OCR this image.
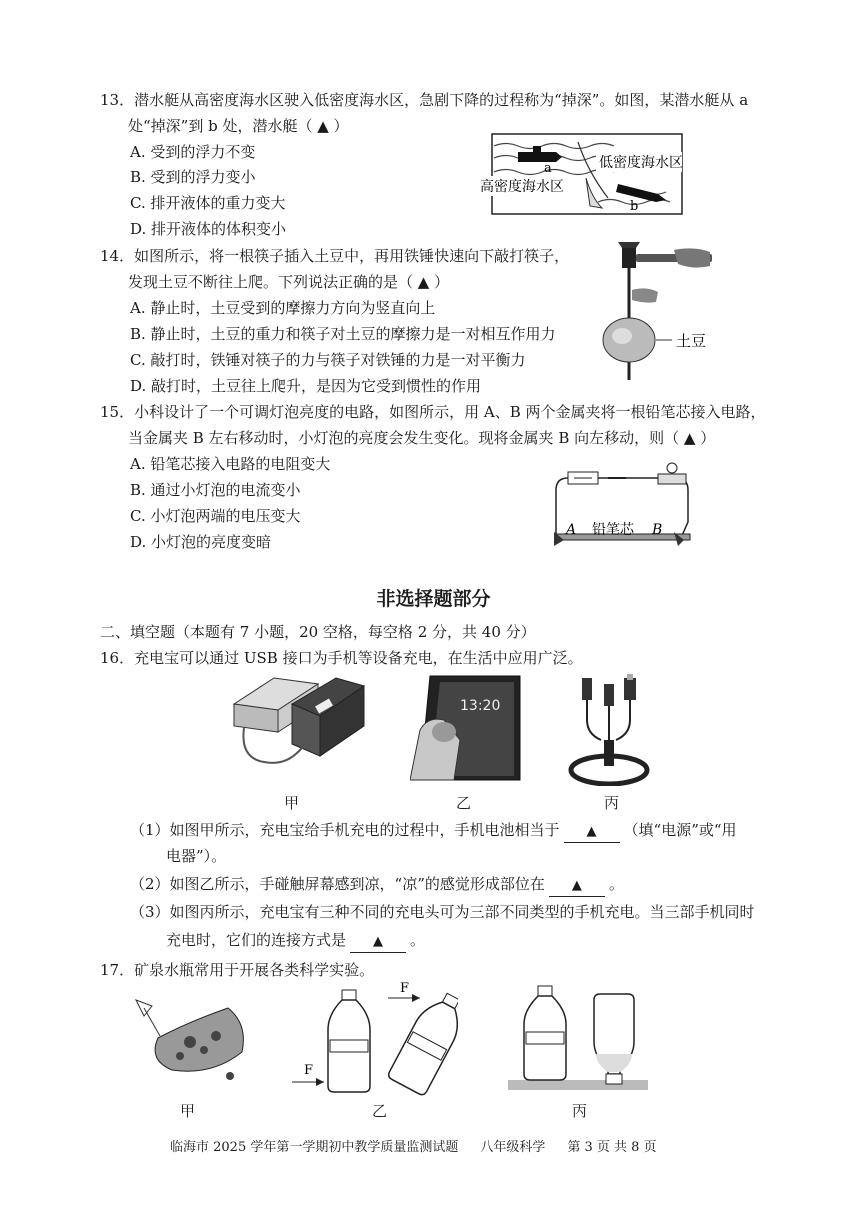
13．潜水艇从高密度海水区驶入低密度海水区，急剧下降的过程称为“掉深”。如图，某潜水艇从 a
处“掉深”到 b 处，潜水艇（ ▲ ）
A. 受到的浮力不变
B. 受到的浮力变小
C. 排开液体的重力变大
D. 排开液体的体积变小
低密度海水区
高密度海水区
a
b
14．如图所示，将一根筷子插入土豆中，再用铁锤快速向下敲打筷子，
发现土豆不断往上爬。下列说法正确的是（ ▲ ）
A. 静止时，土豆受到的摩擦力方向为竖直向上
B. 静止时，土豆的重力和筷子对土豆的摩擦力是一对相互作用力
C. 敲打时，铁锤对筷子的力与筷子对铁锤的力是一对平衡力
D. 敲打时，土豆往上爬升，是因为它受到惯性的作用
土豆
15．小科设计了一个可调灯泡亮度的电路，如图所示，用 A、B 两个金属夹将一根铅笔芯接入电路，
当金属夹 B 左右移动时，小灯泡的亮度会发生变化。现将金属夹 B 向左移动，则（ ▲ ）
A. 铅笔芯接入电路的电阻变大
B. 通过小灯泡的电流变小
C. 小灯泡两端的电压变大
D. 小灯泡的亮度变暗
A 铅笔芯 B
非选择题部分
二、填空题（本题有 7 小题，20 空格，每空格 2 分，共 40 分）
16．充电宝可以通过 USB 接口为手机等设备充电，在生活中应用广泛。
13:20
甲	乙	丙
（1）如图甲所示，充电宝给手机充电的过程中，手机电池相当于 ▲ （填“电源”或“用
电器”）。
（2）如图乙所示，手碰触屏幕感到凉，“凉”的感觉形成部位在 ▲ 。
（3）如图丙所示，充电宝有三种不同的充电头可为三部不同类型的手机充电。当三部手机同时
充电时，它们的连接方式是 ▲ 。
17．矿泉水瓶常用于开展各类科学实验。
甲
F
F
乙	丙
临海市 2025 学年第一学期初中教学质量监测试题 八年级科学 第 3 页 共 8 页
